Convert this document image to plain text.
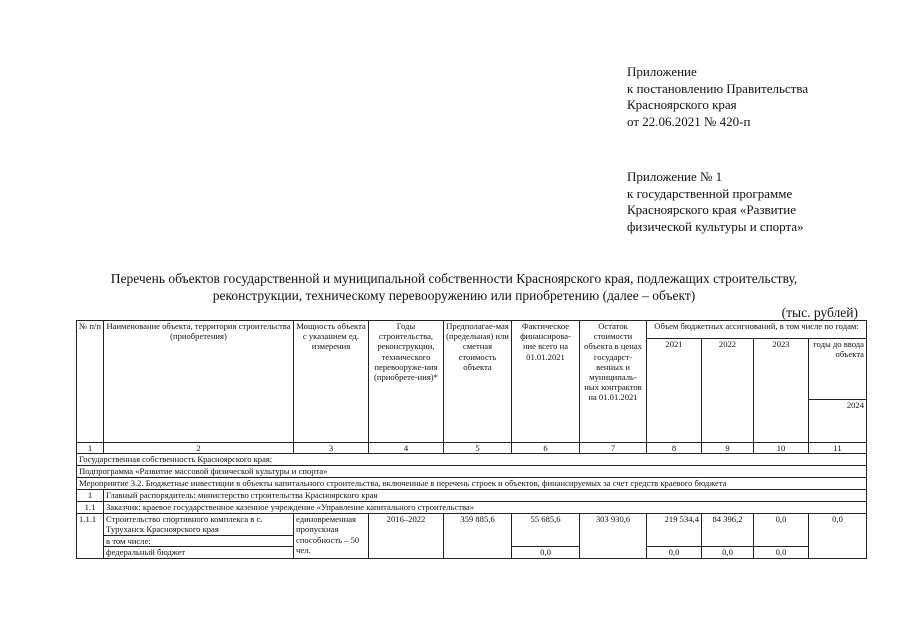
Приложение
к постановлению Правительства
Красноярского края
от 22.06.2021 № 420-п
Приложение № 1
к государственной программе
Красноярского края «Развитие
физической культуры и спорта»
Перечень объектов государственной и муниципальной собственности Красноярского края, подлежащих строительству,
реконструкции, техническому перевооружению или приобретению (далее – объект)
(тыс. рублей)
№ п/п	Наименование объекта, территория строительства (приобретения)	Мощность объекта с указанием ед. измерения	Годы строительства, реконструкции, технического перевооруже-ния (приобрете-ния)*	Предполагае-мая (предельная) или сметная стоимость объекта	Фактическое финансирова-ние всего на 01.01.2021	Остаток стоимости объекта в ценах государст-венных и муниципаль-ных контрактов на 01.01.2021	Объем бюджетных ассигнований, в том числе по годам:			
							2021	2022	2023	годы до ввода объекта
										2024
1	2	3	4	5	6	7	8	9	10	11
Государственная собственность Красноярского края:										
Подпрограмма «Развитие массовой физической культуры и спорта»										
Мероприятие 3.2. Бюджетные инвестиции в объекты капитального строительства, включенные в перечень строек и объектов, финансируемых за счет средств краевого бюджета										
1	Главный распорядитель: министерство строительства Красноярского края									
1.1	Заказчик: краевое государственное казенное учреждение «Управление капитального строительства»									
1.1.1	Строительство спортивного комплекса в с. Туруханск Красноярского края	единовременная пропускная способность – 50 чел.	2016–2022	359 885,6	55 685,6	303 930,6	219 534,4	84 396,2	0,0	0,0
	в том числе:									
	федеральный бюджет				0,0		0,0	0,0	0,0	
